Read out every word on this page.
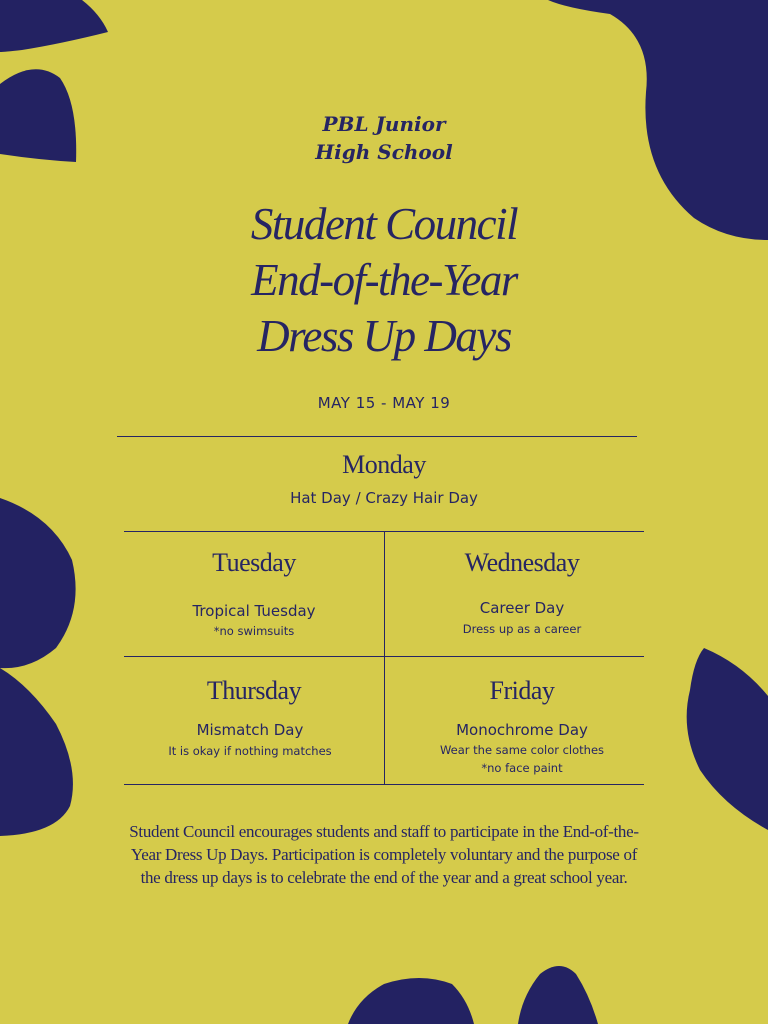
PBL Junior
High School
Student Council
End-of-the-Year
Dress Up Days
MAY 15 - MAY 19
Monday
Hat Day / Crazy Hair Day
Tuesday
Tropical Tuesday
*no swimsuits
Wednesday
Career Day
Dress up as a career
Thursday
Mismatch Day
It is okay if nothing matches
Friday
Monochrome Day
Wear the same color clothes
*no face paint
Student Council encourages students and staff to participate in the End-of-the-
Year Dress Up Days. Participation is completely voluntary and the purpose of
the dress up days is to celebrate the end of the year and a great school year.
